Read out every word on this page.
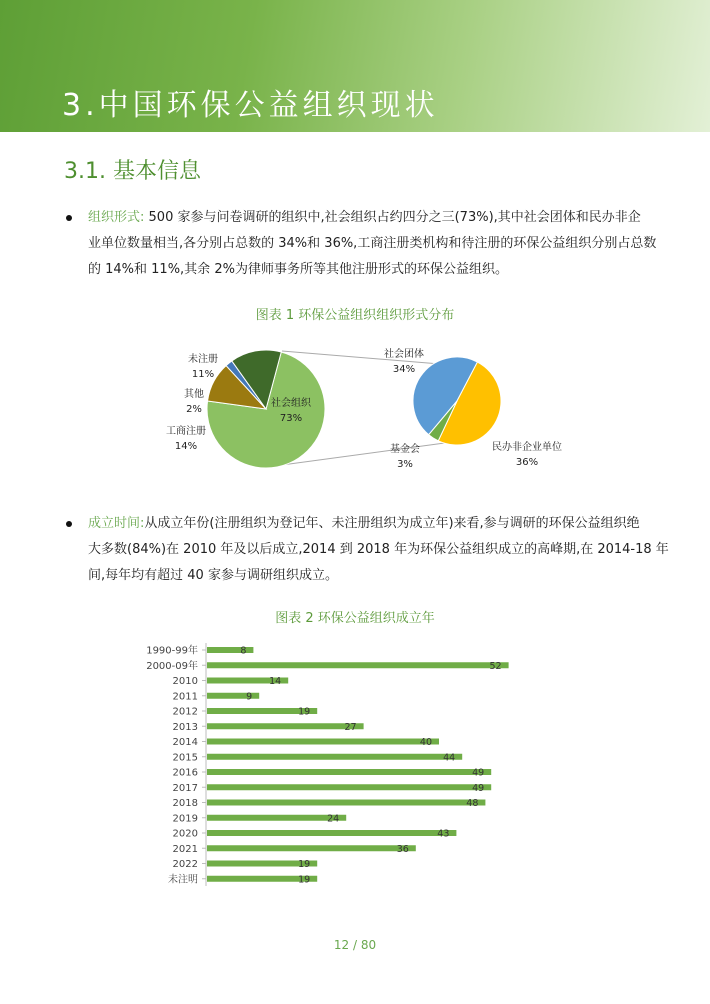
3.中国环保公益组织现状
3.1. 基本信息
组织形式: 500 家参与问卷调研的组织中,社会组织占约四分之三(73%),其中社会团体和民办非企
业单位数量相当,各分别占总数的 34%和 36%,工商注册类机构和待注册的环保公益组织分别占总数
的 14%和 11%,其余 2%为律师事务所等其他注册形式的环保公益组织。
图表 1 环保公益组织组织形式分布
未注册
11%
其他
2%
工商注册
14%
社会组织
73%
社会团体
34%
基金会
3%
民办非企业单位
36%
成立时间:从成立年份(注册组织为登记年、未注册组织为成立年)来看,参与调研的环保公益组织绝
大多数(84%)在 2010 年及以后成立,2014 到 2018 年为环保公益组织成立的高峰期,在 2014-18 年
间,每年均有超过 40 家参与调研组织成立。
图表 2 环保公益组织成立年
1990-99年	8
2000-09年	52
2010	14
2011	9
2012	19
2013	27
2014	40
2015	44
2016	49
2017	49
2018	48
2019	24
2020	43
2021	36
2022	19
未注明	19
12 / 80
